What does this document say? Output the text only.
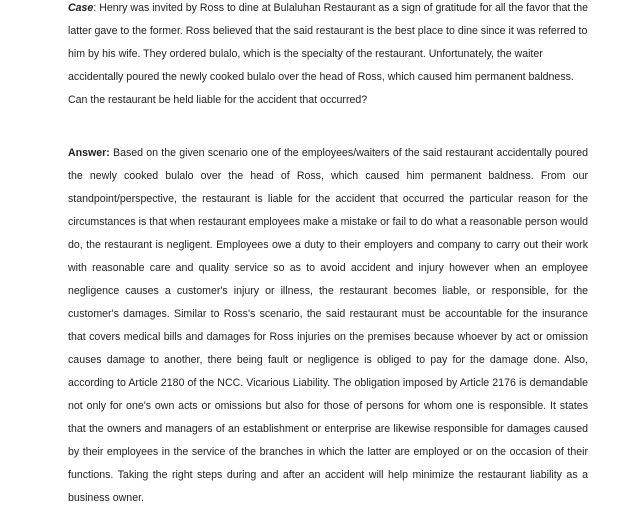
Case: Henry was invited by Ross to dine at Bulaluhan Restaurant as a sign of gratitude for all the favor that the latter gave to the former. Ross believed that the said restaurant is the best place to dine since it was referred to him by his wife. They ordered bulalo, which is the specialty of the restaurant. Unfortunately, the waiter accidentally poured the newly cooked bulalo over the head of Ross, which caused him permanent baldness. Can the restaurant be held liable for the accident that occurred?

Answer: Based on the given scenario one of the employees/waiters of the said restaurant accidentally poured the newly cooked bulalo over the head of Ross, which caused him permanent baldness. From our standpoint/perspective, the restaurant is liable for the accident that occurred the particular reason for the circumstances is that when restaurant employees make a mistake or fail to do what a reasonable person would do, the restaurant is negligent. Employees owe a duty to their employers and company to carry out their work with reasonable care and quality service so as to avoid accident and injury however when an employee negligence causes a customer's injury or illness, the restaurant becomes liable, or responsible, for the customer's damages. Similar to Ross's scenario, the said restaurant must be accountable for the insurance that covers medical bills and damages for Ross injuries on the premises because whoever by act or omission causes damage to another, there being fault or negligence is obliged to pay for the damage done. Also, according to Article 2180 of the NCC. Vicarious Liability. The obligation imposed by Article 2176 is demandable not only for one's own acts or omissions but also for those of persons for whom one is responsible. It states that the owners and managers of an establishment or enterprise are likewise responsible for damages caused by their employees in the service of the branches in which the latter are employed or on the occasion of their functions. Taking the right steps during and after an accident will help minimize the restaurant liability as a business owner.
